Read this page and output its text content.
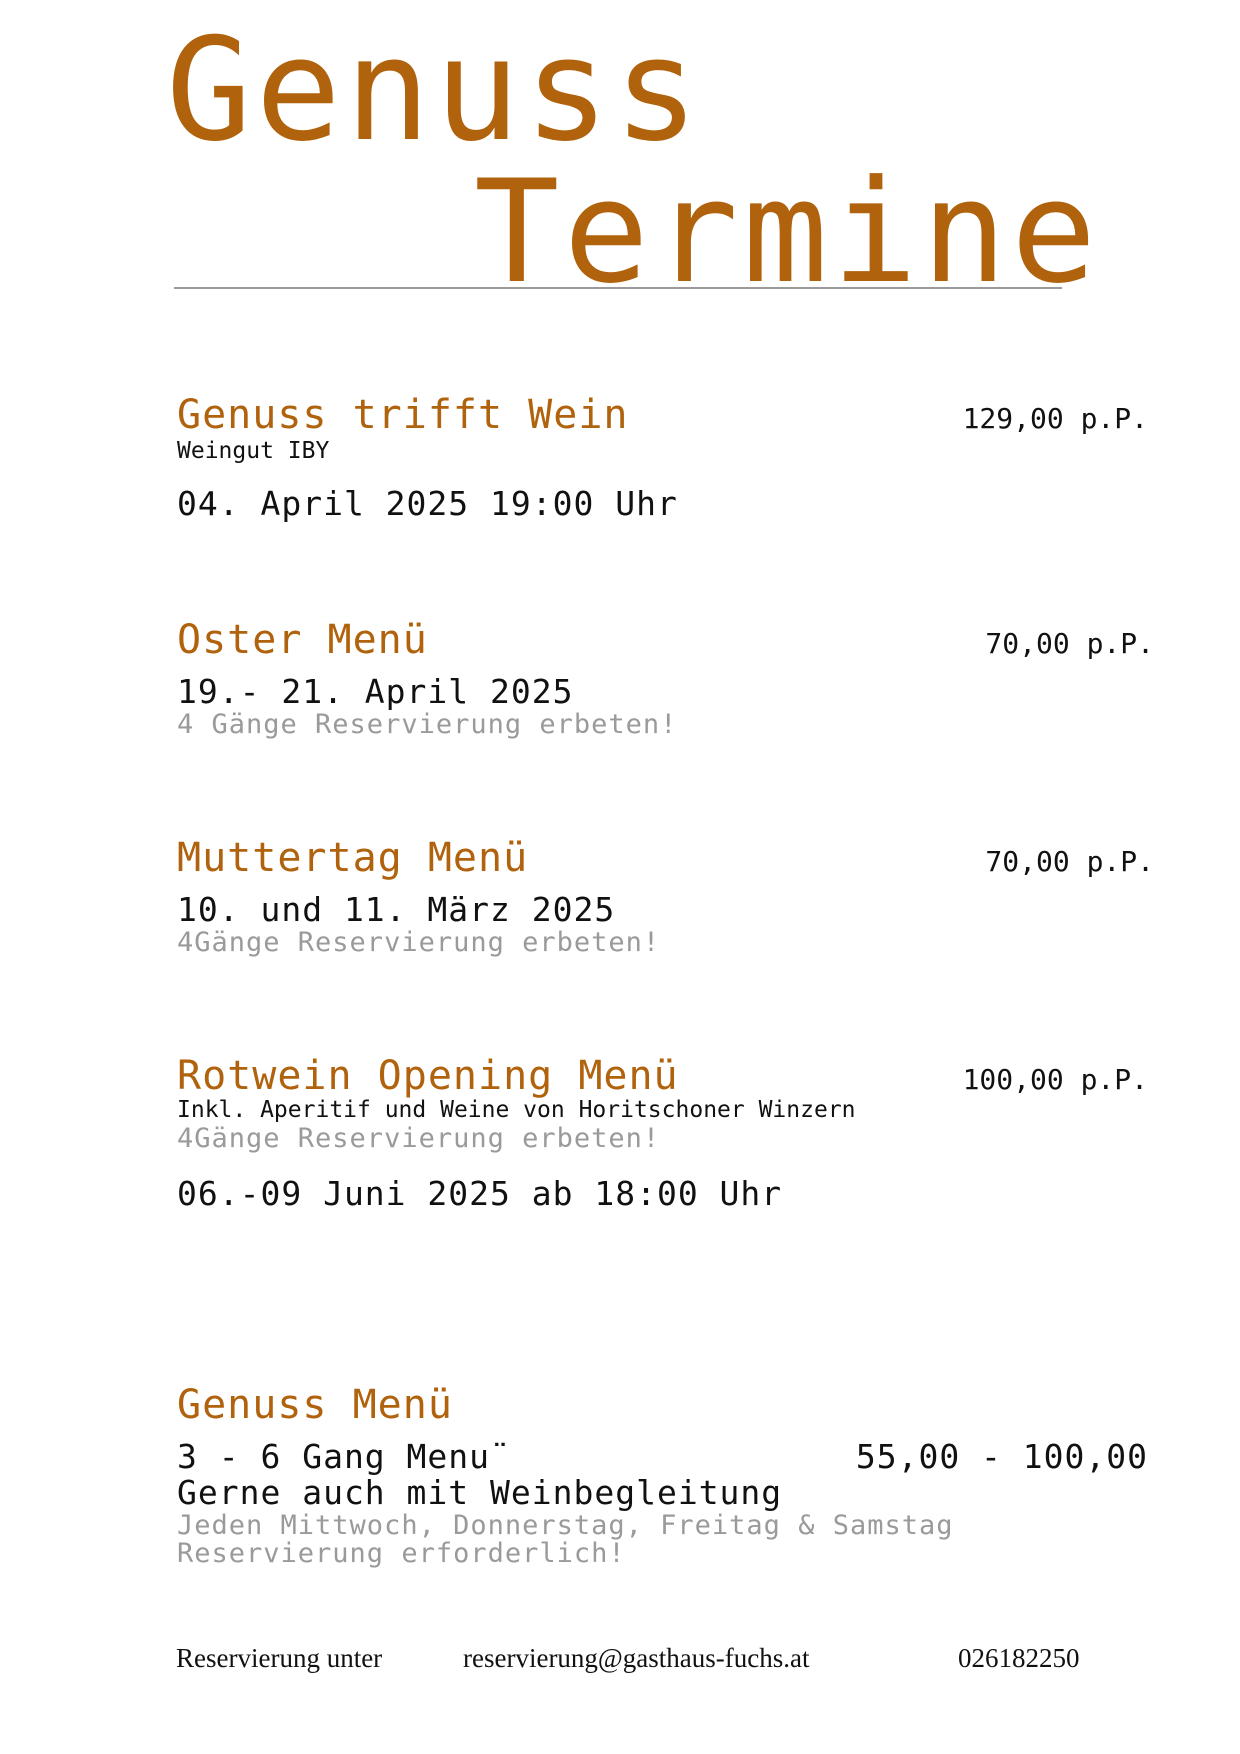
Genuss
Termine
Genuss trifft Wein
Weingut IBY
04. April 2025 19:00 Uhr
129,00 p.P.
Oster Menü
19.- 21. April 2025
4 Gänge Reservierung erbeten!
70,00 p.P.
Muttertag Menü
10. und 11. März 2025
4Gänge Reservierung erbeten!
70,00 p.P.
Rotwein Opening Menü
Inkl. Aperitif und Weine von Horitschoner Winzern
4Gänge Reservierung erbeten!
06.-09 Juni 2025 ab 18:00 Uhr
100,00 p.P.
Genuss Menü
3 - 6 Gang Menu¨
Gerne auch mit Weinbegleitung
Jeden Mittwoch, Donnerstag, Freitag & Samstag
Reservierung erforderlich!
55,00 - 100,00
Reservierung unter	reservierung@gasthaus-fuchs.at	026182250
